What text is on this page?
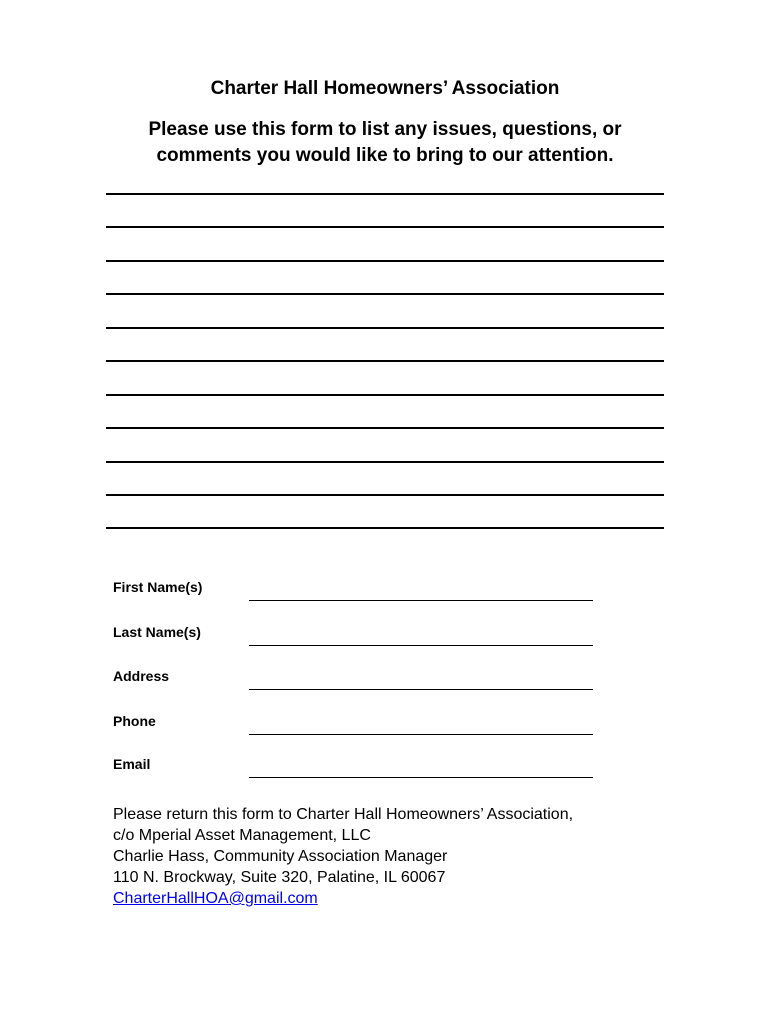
Charter Hall Homeowners’ Association

Please use this form to list any issues, questions, or
comments you would like to bring to our attention.

First Name(s)
Last Name(s)
Address
Phone
Email

Please return this form to Charter Hall Homeowners’ Association,
c/o Mperial Asset Management, LLC
Charlie Hass, Community Association Manager
110 N. Brockway, Suite 320, Palatine, IL 60067
CharterHallHOA@gmail.com
